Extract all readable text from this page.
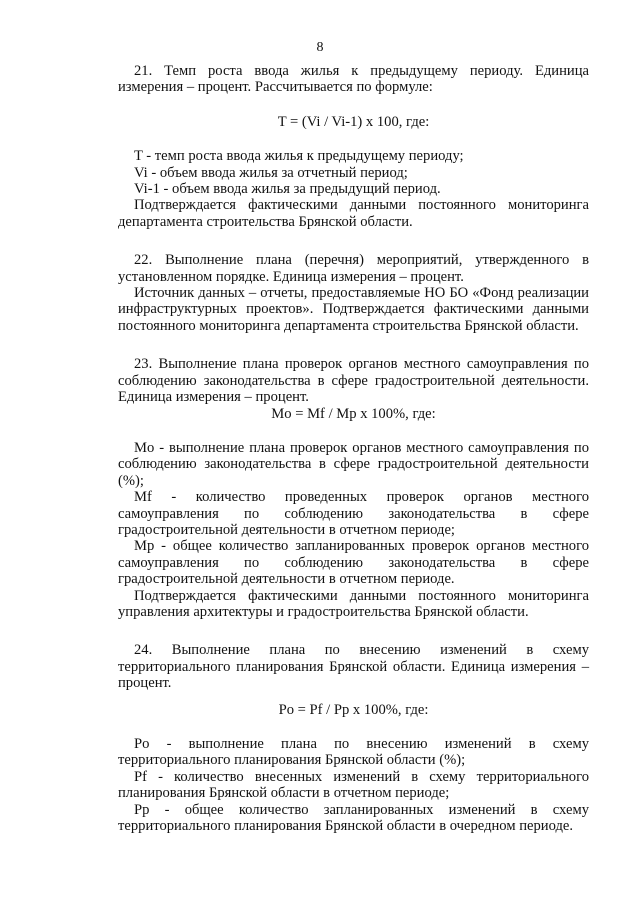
8

21. Темп роста ввода жилья к предыдущему периоду. Единица измерения – процент. Рассчитывается по формуле:

T = (Vi / Vi-1) x 100, где:

T - темп роста ввода жилья к предыдущему периоду;

Vi - объем ввода жилья за отчетный период;

Vi-1 - объем ввода жилья за предыдущий период.

Подтверждается фактическими данными постоянного мониторинга департамента строительства Брянской области.

22. Выполнение плана (перечня) мероприятий, утвержденного в установленном порядке. Единица измерения – процент.

Источник данных – отчеты, предоставляемые НО БО «Фонд реализации инфраструктурных проектов». Подтверждается фактическими данными постоянного мониторинга департамента строительства Брянской области.

23. Выполнение плана проверок органов местного самоуправления по соблюдению законодательства в сфере градостроительной деятельности. Единица измерения – процент.

Mo = Mf / Mp x 100%, где:

Mo - выполнение плана проверок органов местного самоуправления по соблюдению законодательства в сфере градостроительной деятельности (%);

Mf - количество проведенных проверок органов местного самоуправления по соблюдению законодательства в сфере градостроительной деятельности в отчетном периоде;

Mp - общее количество запланированных проверок органов местного самоуправления по соблюдению законодательства в сфере градостроительной деятельности в отчетном периоде.

Подтверждается фактическими данными постоянного мониторинга управления архитектуры и градостроительства Брянской области.

24. Выполнение плана по внесению изменений в схему территориального планирования Брянской области. Единица измерения – процент.

Po = Pf / Pp x 100%, где:

Po - выполнение плана по внесению изменений в схему территориального планирования Брянской области (%);

Pf - количество внесенных изменений в схему территориального планирования Брянской области в отчетном периоде;

Pp - общее количество запланированных изменений в схему территориального планирования Брянской области в очередном периоде.
